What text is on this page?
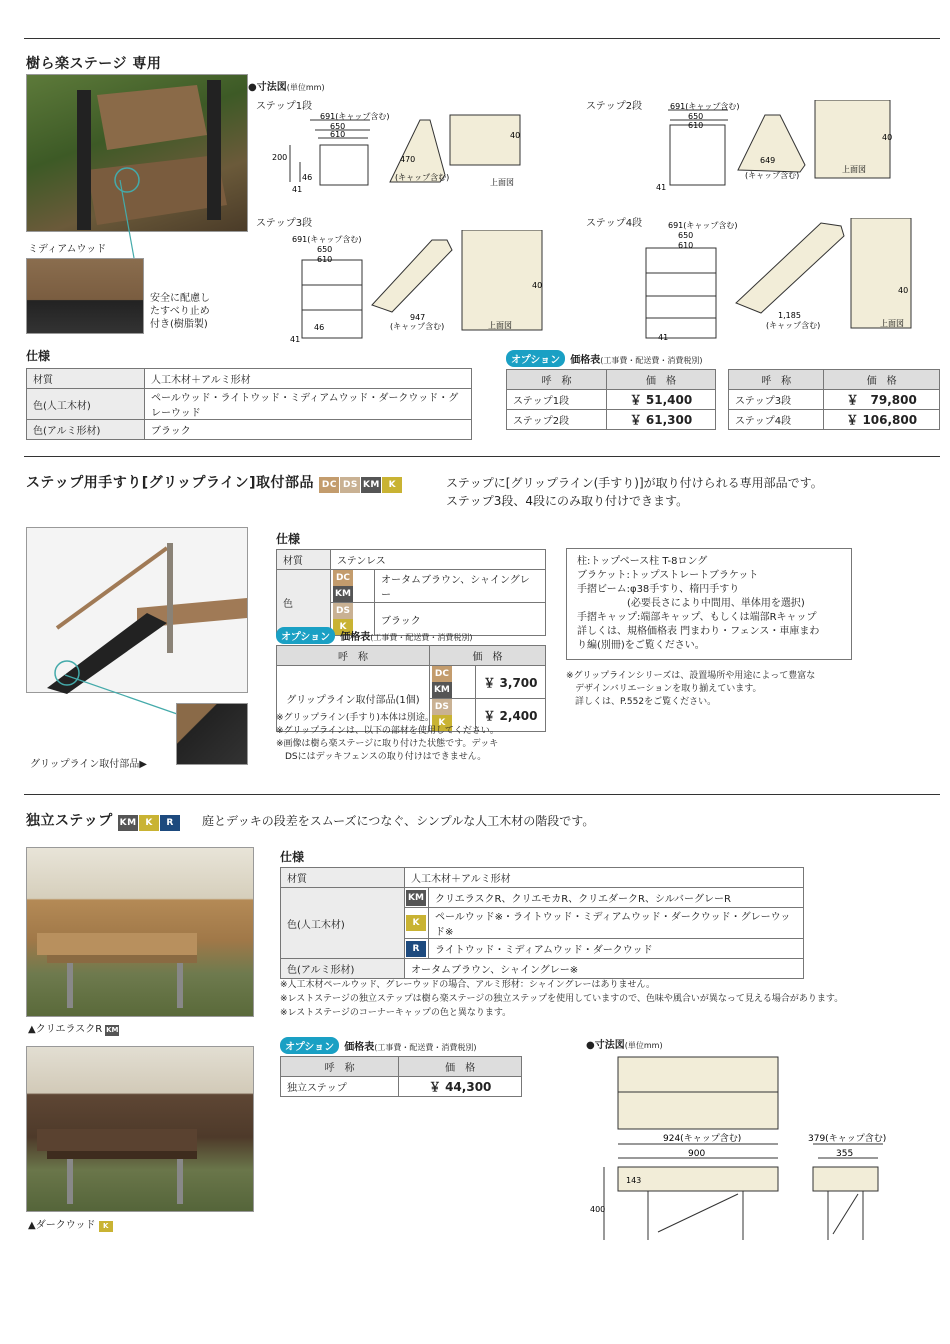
樹ら楽ステージ 専用
ミディアムウッド
安全に配慮し
たすべり止め
付き(樹脂製)
●寸法図(単位mm)
ステップ1段	ステップ2段
ステップ3段	ステップ4段
691(キャップ含む)
650
610
470
(キャップ含む)
41
46
40
上面図
200
691(キャップ含む)
650
610
649
(キャップ含む)
41
40
上面図
691(キャップ含む)
650
610
947
(キャップ含む)
41
46
40
上面図
691(キャップ含む)
650
610
1,185
(キャップ含む)
41
40
上面図
仕様
材質	人工木材＋アルミ形材
色(人工木材)	ペールウッド・ライトウッド・ミディアムウッド・ダークウッド・グレーウッド
色(アルミ形材)	ブラック
オプション 価格表(工事費・配送費・消費税別)
呼　称	価　格
ステップ1段	￥ 51,400
ステップ2段	￥ 61,300
呼　称	価　格
ステップ3段	￥　79,800
ステップ4段	￥ 106,800
ステップ用手すり[グリップライン]取付部品 DC DS KM K	ステップに[グリップライン(手すり)]が取り付けられる専用部品です。
ステップ3段、4段にのみ取り付けできます。
グリップライン取付部品▶
仕様
材質	ステンレス	
色	DCKM	オータムブラウン、シャイングレー
	DSK	ブラック
オプション 価格表(工事費・配送費・消費税別)
呼　称	価　格	
グリップライン取付部品(1個)	DCKM	￥ 3,700
	DSK	￥ 2,400
※グリップライン(手すり)本体は別途。
※グリップラインは、以下の部材を使用してください。
※画像は樹ら楽ステージに取り付けた状態です。デッキ
　DSにはデッキフェンスの取り付けはできません。
柱:トップベース柱 T-8ロング
ブラケット:トップストレートブラケット
手摺ビーム:φ38手すり、楕円手すり
　　　　　(必要長さにより中間用、単体用を選択)
手摺キャップ:端部キャップ、もしくは端部Rキャップ
詳しくは、規格価格表 門まわり・フェンス・車庫まわ
り編(別冊)をご覧ください。
※グリップラインシリーズは、設置場所や用途によって豊富な
　デザインバリエーションを取り揃えています。
　詳しくは、P.552をご覧ください。
独立ステップ KM K R	庭とデッキの段差をスムーズにつなぐ、シンプルな人工木材の階段です。
▲クリエラスクR KM
▲ダークウッド K
仕様
材質	人工木材＋アルミ形材	
色(人工木材)	KM	クリエラスクR、クリエモカR、クリエダークR、シルバーグレーR
	K	ペールウッド※・ライトウッド・ミディアムウッド・ダークウッド・グレーウッド※
	R	ライトウッド・ミディアムウッド・ダークウッド
色(アルミ形材)	オータムブラウン、シャイングレー※	
※人工木材ペールウッド、グレーウッドの場合、アルミ形材：シャイングレーはありません。
※レストステージの独立ステップは樹ら楽ステージの独立ステップを使用していますので、色味や風合いが異なって見える場合があります。
※レストステージのコーナーキャップの色と異なります。
オプション 価格表(工事費・配送費・消費税別)
呼　称	価　格
独立ステップ	￥ 44,300
●寸法図(単位mm)
924(キャップ含む)
900
379(キャップ含む)
355
143
400
